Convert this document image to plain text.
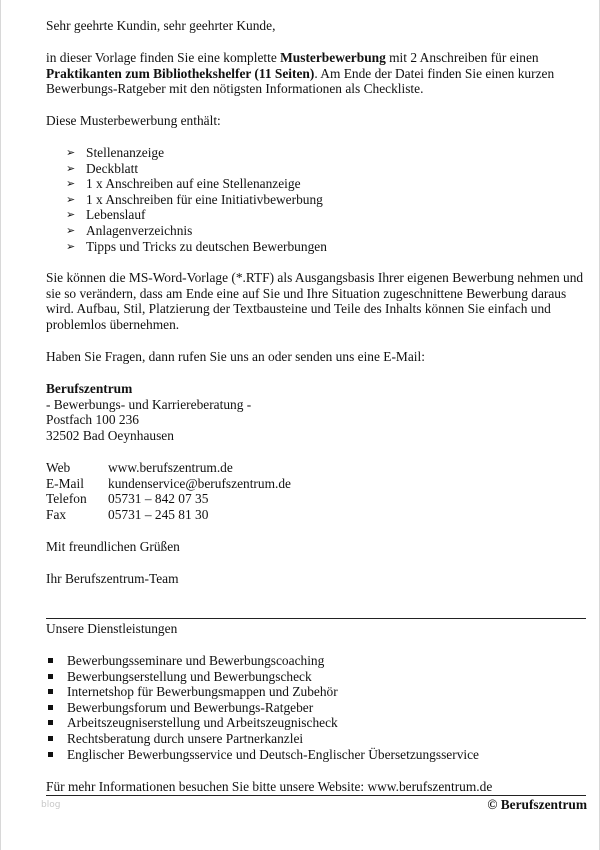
Sehr geehrte Kundin, sehr geehrter Kunde,

in dieser Vorlage finden Sie eine komplette Musterbewerbung mit 2 Anschreiben für einen Praktikanten zum Bibliothekshelfer (11 Seiten). Am Ende der Datei finden Sie einen kurzen Bewerbungs-Ratgeber mit den nötigsten Informationen als Checkliste.

Diese Musterbewerbung enthält:

➢ Stellenanzeige
➢ Deckblatt
➢ 1 x Anschreiben auf eine Stellenanzeige
➢ 1 x Anschreiben für eine Initiativbewerbung
➢ Lebenslauf
➢ Anlagenverzeichnis
➢ Tipps und Tricks zu deutschen Bewerbungen

Sie können die MS-Word-Vorlage (*.RTF) als Ausgangsbasis Ihrer eigenen Bewerbung nehmen und sie so verändern, dass am Ende eine auf Sie und Ihre Situation zugeschnittene Bewerbung daraus wird. Aufbau, Stil, Platzierung der Textbausteine und Teile des Inhalts können Sie einfach und problemlos übernehmen.

Haben Sie Fragen, dann rufen Sie uns an oder senden uns eine E-Mail:

Berufszentrum

- Bewerbungs- und Karriereberatung -

Postfach 100 236

32502 Bad Oeynhausen

Web	www.berufszentrum.de
E-Mail	kundenservice@berufszentrum.de
Telefon	05731 – 842 07 35
Fax	05731 – 245 81 30

Mit freundlichen Grüßen

Ihr Berufszentrum-Team

Unsere Dienstleistungen

Bewerbungsseminare und Bewerbungscoaching
Bewerbungserstellung und Bewerbungscheck
Internetshop für Bewerbungsmappen und Zubehör
Bewerbungsforum und Bewerbungs-Ratgeber
Arbeitszeugniserstellung und Arbeitszeugnischeck
Rechtsberatung durch unsere Partnerkanzlei
Englischer Bewerbungsservice und Deutsch-Englischer Übersetzungsservice

Für mehr Informationen besuchen Sie bitte unsere Website: www.berufszentrum.de

blog	© Berufszentrum
